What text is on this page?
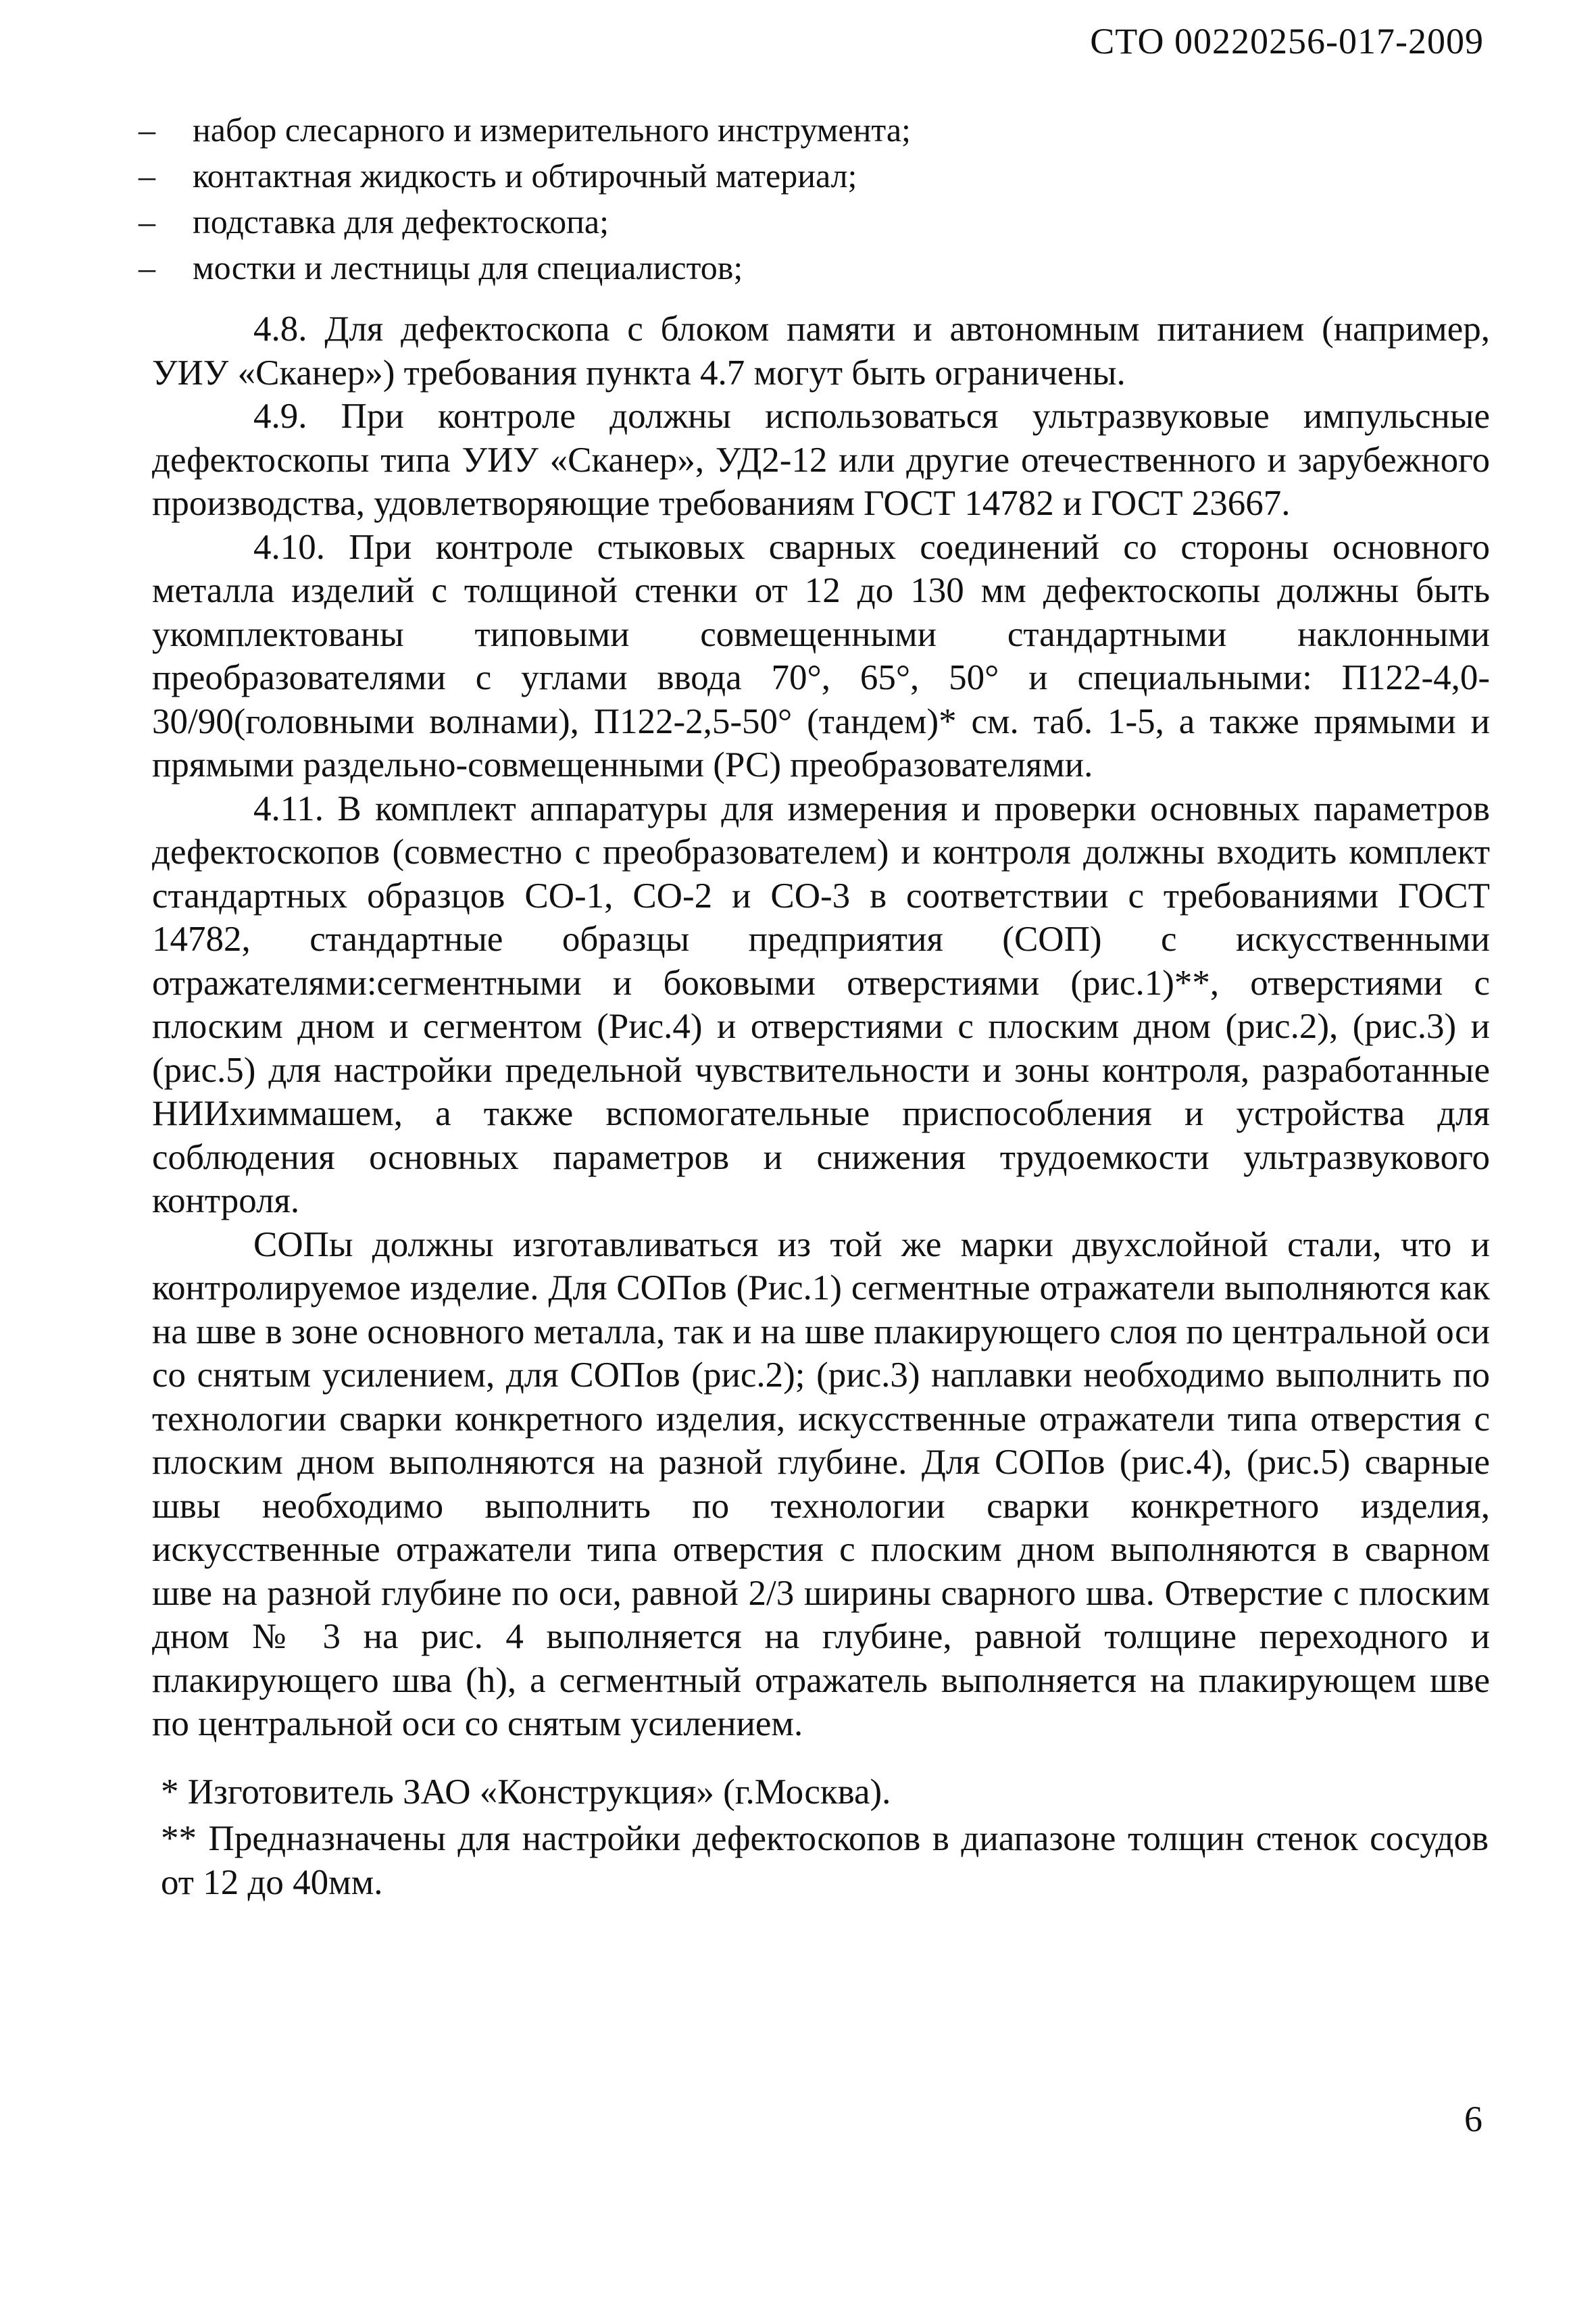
СТО 00220256-017-2009
–	набор слесарного и измерительного инструмента;
–	контактная жидкость и обтирочный материал;
–	подставка для дефектоскопа;
–	мостки и лестницы для специалистов;

4.8. Для дефектоскопа с блоком памяти и автономным питанием (например, УИУ «Сканер») требования пункта 4.7 могут быть ограничены.

4.9. При контроле должны использоваться ультразвуковые импульсные дефектоскопы типа УИУ «Сканер», УД2-12 или другие отечественного и зарубежного производства, удовлетворяющие требованиям ГОСТ 14782 и ГОСТ 23667.

4.10. При контроле стыковых сварных соединений со стороны основного металла изделий с толщиной стенки от 12 до 130 мм дефектоскопы должны быть укомплектованы типовыми совмещенными стандартными наклонными преобразователями с углами ввода 70°, 65°, 50° и специальными: П122-4,0-30/90(головными волнами), П122-2,5-50° (тандем)* см. таб. 1-5, а также прямыми и прямыми раздельно-совмещенными (РС) преобразователями.

4.11. В комплект аппаратуры для измерения и проверки основных параметров дефектоскопов (совместно с преобразователем) и контроля должны входить комплект стандартных образцов СО-1, СО-2 и СО-3 в соответствии с требованиями ГОСТ 14782, стандартные образцы предприятия (СОП) с искусственными отражателями:сегментными и боковыми отверстиями (рис.1)**, отверстиями с плоским дном и сегментом (Рис.4) и отверстиями с плоским дном (рис.2), (рис.3) и (рис.5) для настройки предельной чувствительности и зоны контроля, разработанные НИИхиммашем, а также вспомогательные приспособления и устройства для соблюдения основных параметров и снижения трудоемкости ультразвукового контроля.

СОПы должны изготавливаться из той же марки двухслойной стали, что и контролируемое изделие. Для СОПов (Рис.1) сегментные отражатели выполняются как на шве в зоне основного металла, так и на шве плакирующего слоя по центральной оси со снятым усилением, для СОПов (рис.2); (рис.3) наплавки необходимо выполнить по технологии сварки конкретного изделия, искусственные отражатели типа отверстия с плоским дном выполняются на разной глубине. Для СОПов (рис.4), (рис.5) сварные швы необходимо выполнить по технологии сварки конкретного изделия, искусственные отражатели типа отверстия с плоским дном выполняются в сварном шве на разной глубине по оси, равной 2/3 ширины сварного шва. Отверстие с плоским дном № 3 на рис. 4 выполняется на глубине, равной толщине переходного и плакирующего шва (h), а сегментный отражатель выполняется на плакирующем шве по центральной оси со снятым усилением.

* Изготовитель ЗАО «Конструкция» (г.Москва).

** Предназначены для настройки дефектоскопов в диапазоне толщин стенок сосудов от 12 до 40мм.

6
